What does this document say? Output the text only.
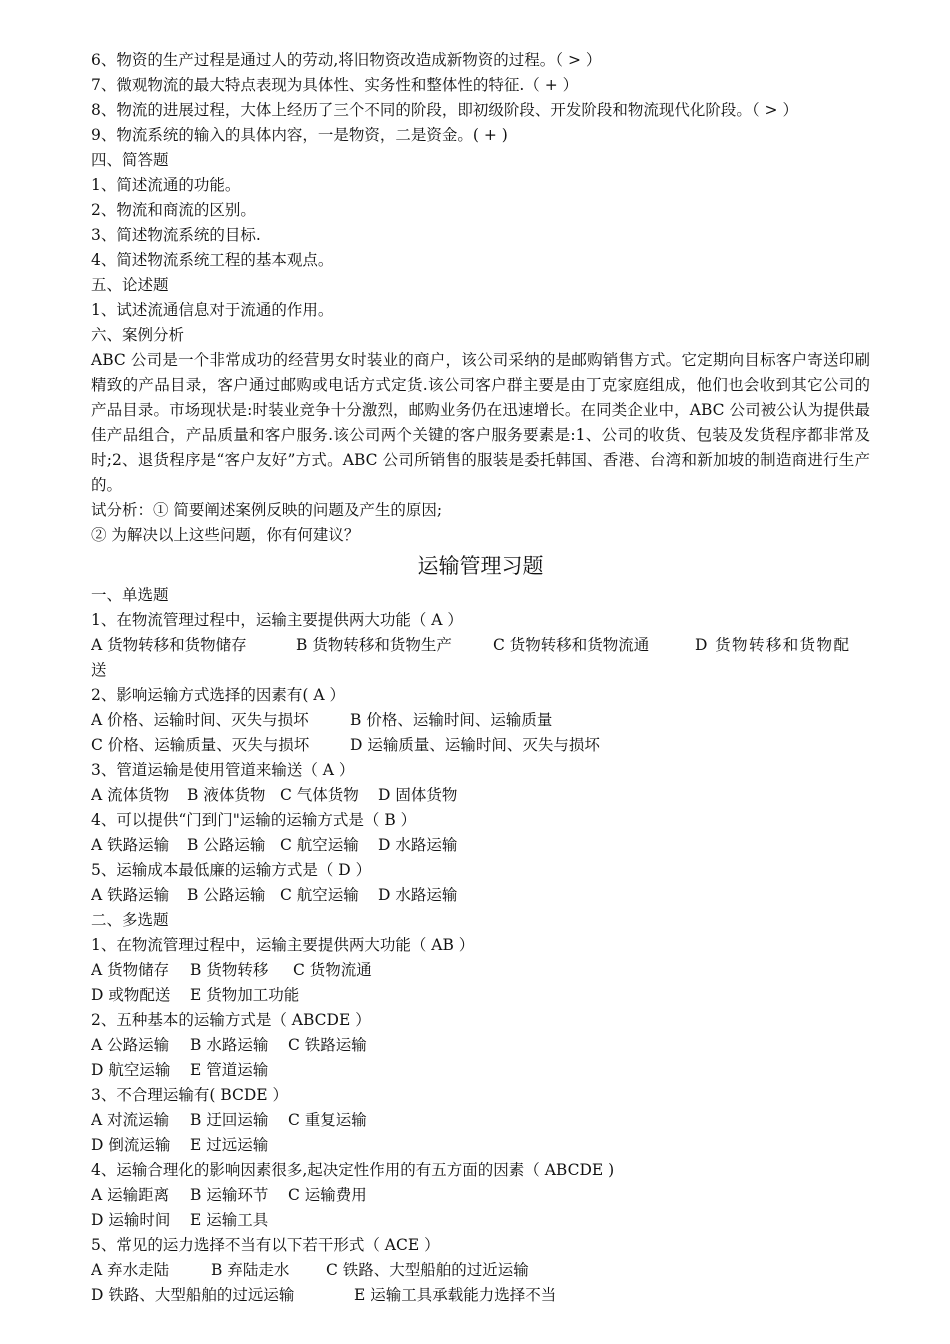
6、物资的生产过程是通过人的劳动,将旧物资改造成新物资的过程。（ > ）
7、微观物流的最大特点表现为具体性、实务性和整体性的特征.（ + ）
8、物流的进展过程，大体上经历了三个不同的阶段，即初级阶段、开发阶段和物流现代化阶段。（ > ）
9、物流系统的输入的具体内容，一是物资，二是资金。( + )
四、简答题
1、简述流通的功能。
2、物流和商流的区别。
3、简述物流系统的目标.
4、简述物流系统工程的基本观点。
五、论述题
1、试述流通信息对于流通的作用。
六、案例分析
ABC 公司是一个非常成功的经营男女时装业的商户，该公司采纳的是邮购销售方式。它定期向目标客户寄送印刷精致的产品目录，客户通过邮购或电话方式定货.该公司客户群主要是由丁克家庭组成，他们也会收到其它公司的产品目录。市场现状是:时装业竞争十分激烈，邮购业务仍在迅速增长。在同类企业中，ABC 公司被公认为提供最佳产品组合，产品质量和客户服务.该公司两个关键的客户服务要素是:1、公司的收货、包装及发货程序都非常及时;2、退货程序是“客户友好”方式。ABC 公司所销售的服装是委托韩国、香港、台湾和新加坡的制造商进行生产的。
试分析：① 简要阐述案例反映的问题及产生的原因;
② 为解决以上这些问题，你有何建议？
运输管理习题
一、单选题
1、在物流管理过程中，运输主要提供两大功能（ A ）
A 货物转移和货物储存	B 货物转移和货物生产	C 货物转移和货物流通	D 货物转移和货物配
送
2、影响运输方式选择的因素有( A ）
A 价格、运输时间、灭失与损坏	B 价格、运输时间、运输质量
C 价格、运输质量、灭失与损坏	D 运输质量、运输时间、灭失与损坏
3、管道运输是使用管道来输送（ A ）
A 流体货物 B 液体货物 C 气体货物 D 固体货物
4、可以提供“门到门"运输的运输方式是（ B ）
A 铁路运输 B 公路运输 C 航空运输 D 水路运输
5、运输成本最低廉的运输方式是（ D ）
A 铁路运输 B 公路运输 C 航空运输 D 水路运输
二、多选题
1、在物流管理过程中，运输主要提供两大功能（ AB ）
A 货物储存 B 货物转移 C 货物流通
D 或物配送 E 货物加工功能
2、五种基本的运输方式是（ ABCDE ）
A 公路运输 B 水路运输 C 铁路运输
D 航空运输 E 管道运输
3、不合理运输有( BCDE ）
A 对流运输 B 迂回运输 C 重复运输
D 倒流运输 E 过远运输
4、运输合理化的影响因素很多,起决定性作用的有五方面的因素（ ABCDE )
A 运输距离 B 运输环节 C 运输费用
D 运输时间 E 运输工具
5、常见的运力选择不当有以下若干形式（ ACE ）
A 弃水走陆	B 弃陆走水 C 铁路、大型船舶的过近运输
D 铁路、大型船舶的过远运输	E 运输工具承载能力选择不当
